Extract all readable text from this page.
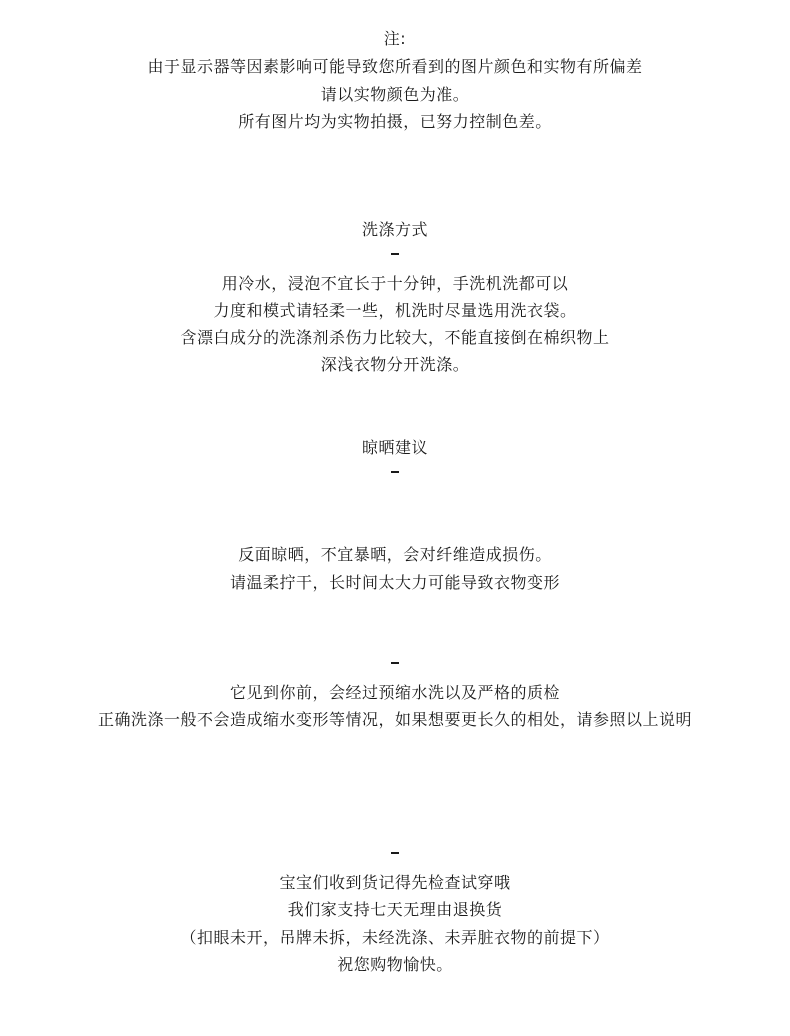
注:
由于显示器等因素影响可能导致您所看到的图片颜色和实物有所偏差
请以实物颜色为准。
所有图片均为实物拍摄，已努力控制色差。
洗涤方式
用冷水，浸泡不宜长于十分钟，手洗机洗都可以
力度和模式请轻柔一些，机洗时尽量选用洗衣袋。
含漂白成分的洗涤剂杀伤力比较大，不能直接倒在棉织物上
深浅衣物分开洗涤。
晾晒建议
反面晾晒，不宜暴晒，会对纤维造成损伤。
请温柔拧干，长时间太大力可能导致衣物变形
它见到你前，会经过预缩水洗以及严格的质检
正确洗涤一般不会造成缩水变形等情况，如果想要更长久的相处，请参照以上说明
宝宝们收到货记得先检查试穿哦
我们家支持七天无理由退换货
（扣眼未开，吊牌未拆，未经洗涤、未弄脏衣物的前提下）
祝您购物愉快。
